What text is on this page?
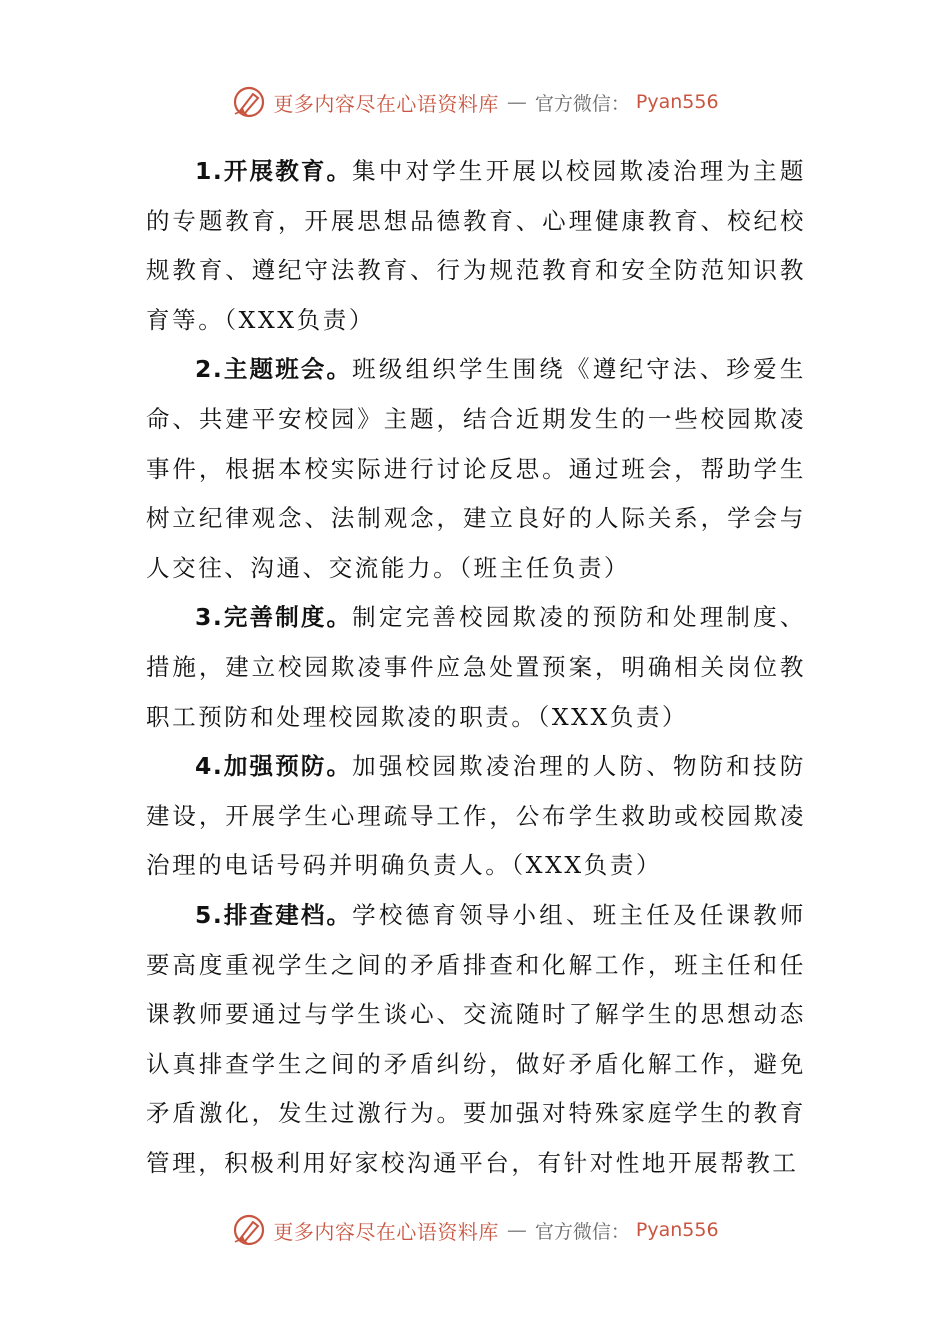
更多内容尽在心语资料库 — 官方微信： Pyan556

1.开展教育。集中对学生开展以校园欺凌治理为主题的专题教育，开展思想品德教育、心理健康教育、校纪校规教育、遵纪守法教育、行为规范教育和安全防范知识教育等。（XXX负责）

2.主题班会。班级组织学生围绕《遵纪守法、珍爱生命、共建平安校园》主题，结合近期发生的一些校园欺凌事件，根据本校实际进行讨论反思。通过班会，帮助学生树立纪律观念、法制观念，建立良好的人际关系，学会与人交往、沟通、交流能力。（班主任负责）

3.完善制度。制定完善校园欺凌的预防和处理制度、措施，建立校园欺凌事件应急处置预案，明确相关岗位教职工预防和处理校园欺凌的职责。（XXX负责）

4.加强预防。加强校园欺凌治理的人防、物防和技防建设，开展学生心理疏导工作，公布学生救助或校园欺凌治理的电话号码并明确负责人。（XXX负责）

5.排查建档。学校德育领导小组、班主任及任课教师要高度重视学生之间的矛盾排查和化解工作，班主任和任课教师要通过与学生谈心、交流随时了解学生的思想动态认真排查学生之间的矛盾纠纷，做好矛盾化解工作，避免矛盾激化，发生过激行为。要加强对特殊家庭学生的教育管理，积极利用好家校沟通平台，有针对性地开展帮教工

更多内容尽在心语资料库 — 官方微信： Pyan556
